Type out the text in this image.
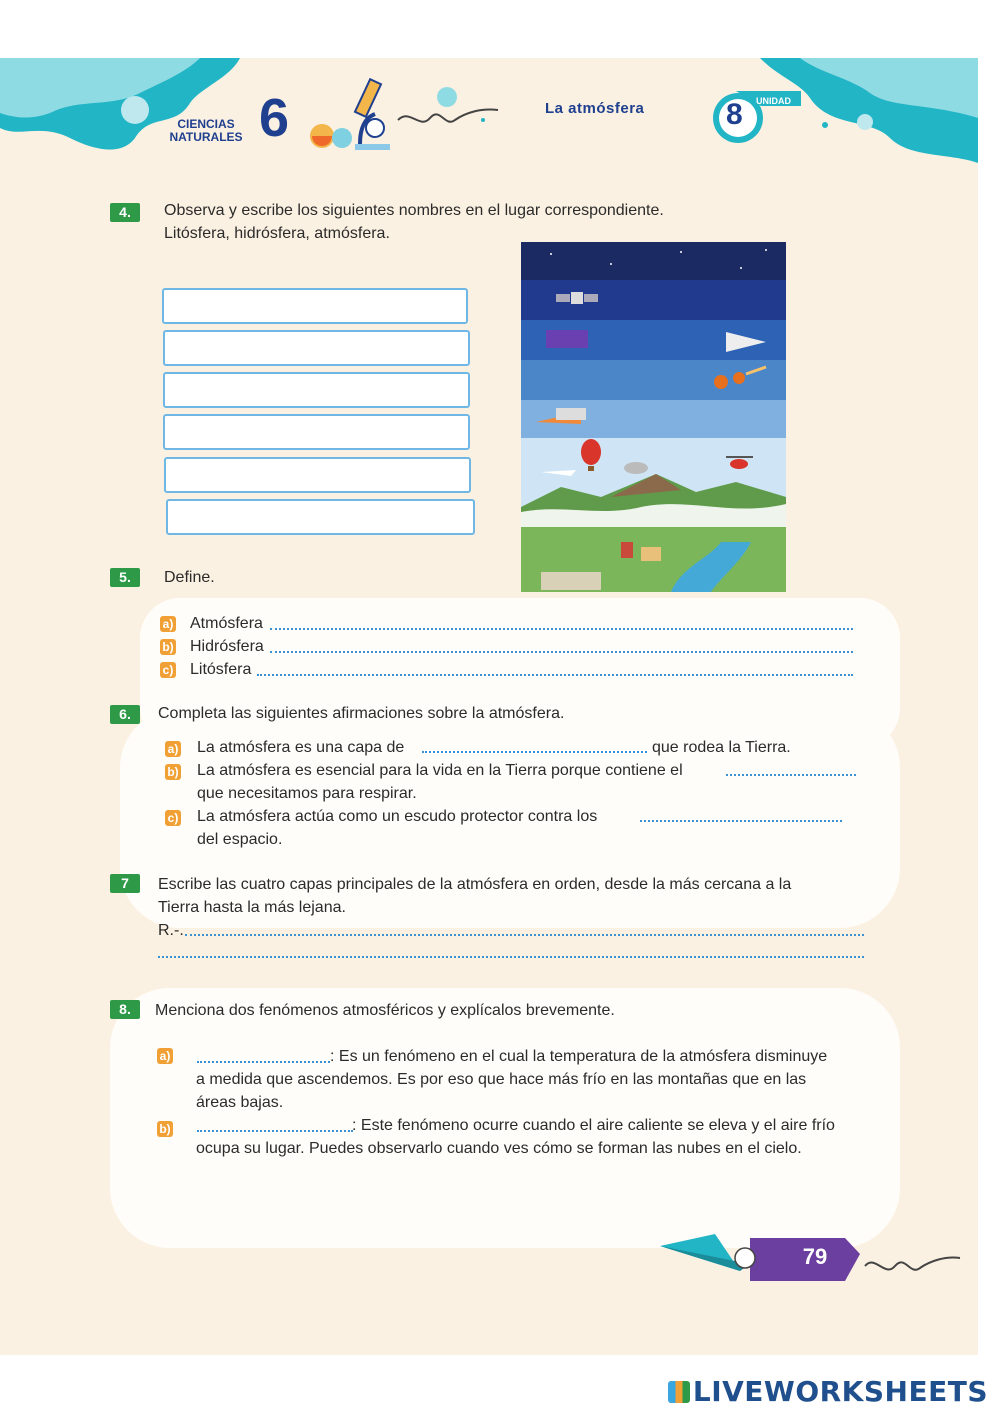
CIENCIAS
NATURALES 6	La atmósfera	UNIDAD
8
4.	Observa y escribe los siguientes nombres en el lugar correspondiente.
Litósfera, hidrósfera, atmósfera.
5.	Define.
a) Atmósfera
b) Hidrósfera
c) Litósfera
6.	Completa las siguientes afirmaciones sobre la atmósfera.
a) La atmósfera es una capa de	que rodea la Tierra.
b) La atmósfera es esencial para la vida en la Tierra porque contiene el
que necesitamos para respirar.
c) La atmósfera actúa como un escudo protector contra los
del espacio.
7	Escribe las cuatro capas principales de la atmósfera en orden, desde la más cercana a la
Tierra hasta la más lejana.
R.-.
8.	Menciona dos fenómenos atmosféricos y explícalos brevemente.
a)	: Es un fenómeno en el cual la temperatura de la atmósfera disminuye
a medida que ascendemos. Es por eso que hace más frío en las montañas que en las
áreas bajas.
b)	: Este fenómeno ocurre cuando el aire caliente se eleva y el aire frío
ocupa su lugar. Puedes observarlo cuando ves cómo se forman las nubes en el cielo.
79
LIVEWORKSHEETS
